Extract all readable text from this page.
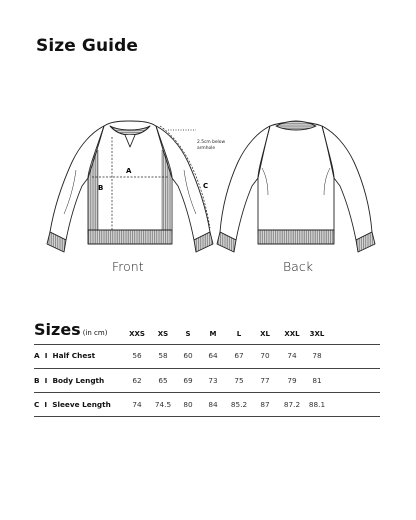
Size Guide
A
B	C
2.5cm below
armhole
Front	Back
Sizes (in cm)	XXS XS S	M	L	XL XXL 3XL
A  I  Half Chest	56 58 60 64 67 70 74 78
B  I  Body Length	62 65 69 73 75 77 79 81
C  I  Sleeve Length	74 74.5 80 84 85.2 87 87.2 88.1
